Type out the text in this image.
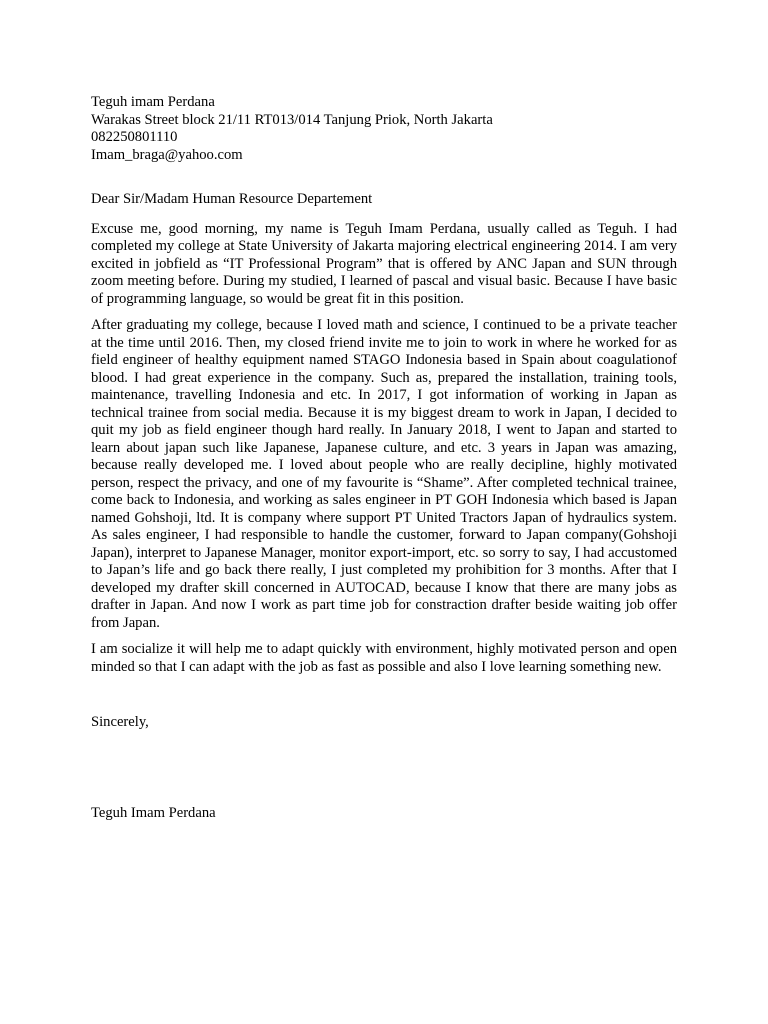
Teguh imam Perdana
Warakas Street block 21/11 RT013/014 Tanjung Priok, North Jakarta
082250801110
Imam_braga@yahoo.com

Dear Sir/Madam Human Resource Departement

Excuse me, good morning, my name is Teguh Imam Perdana, usually called as Teguh. I had completed my college at State University of Jakarta majoring electrical engineering 2014. I am very excited in jobfield as “IT Professional Program” that is offered by ANC Japan and SUN through zoom meeting before. During my studied, I learned of pascal and visual basic. Because I have basic of programming language, so would be great fit in this position.

After graduating my college, because I loved math and science, I continued to be a private teacher at the time until 2016. Then, my closed friend invite me to join to work in where he worked for as field engineer of healthy equipment named STAGO Indonesia based in Spain about coagulationof blood. I had great experience in the company. Such as, prepared the installation, training tools, maintenance, travelling Indonesia and etc. In 2017, I got information of working in Japan as technical trainee from social media. Because it is my biggest dream to work in Japan, I decided to quit my job as field engineer though hard really. In January 2018, I went to Japan and started to learn about japan such like Japanese, Japanese culture, and etc. 3 years in Japan was amazing, because really developed me. I loved about people who are really decipline, highly motivated person, respect the privacy, and one of my favourite is “Shame”. After completed technical trainee, come back to Indonesia, and working as sales engineer in PT GOH Indonesia which based is Japan named Gohshoji, ltd. It is company where support PT United Tractors Japan of hydraulics system. As sales engineer, I had responsible to handle the customer, forward to Japan company(Gohshoji Japan), interpret to Japanese Manager, monitor export-import, etc. so sorry to say, I had accustomed to Japan’s life and go back there really, I just completed my prohibition for 3 months. After that I developed my drafter skill concerned in AUTOCAD, because I know that there are many jobs as drafter in Japan. And now I work as part time job for constraction drafter beside waiting job offer from Japan.

I am socialize it will help me to adapt quickly with environment, highly motivated person and open minded so that I can adapt with the job as fast as possible and also I love learning something new.

Sincerely,

Teguh Imam Perdana
